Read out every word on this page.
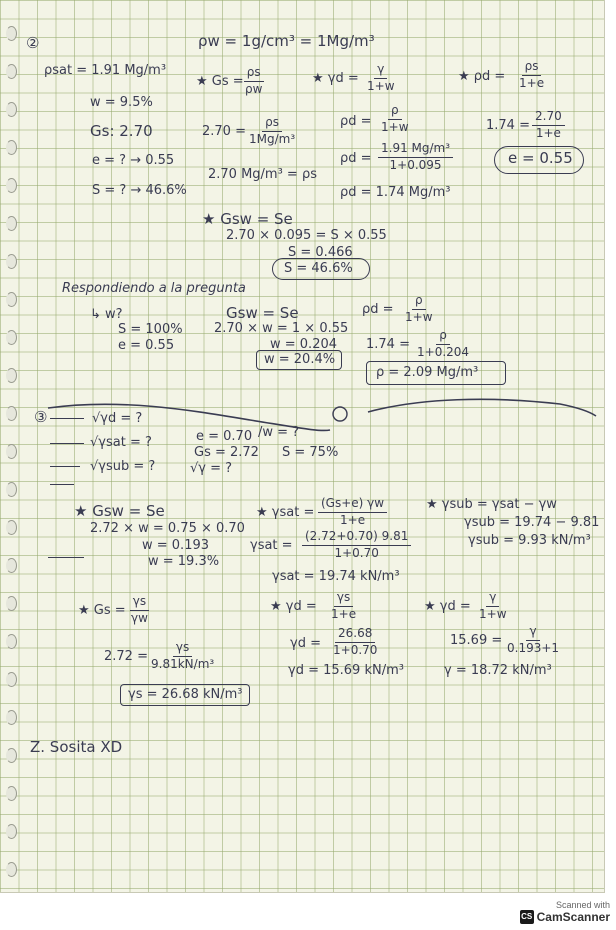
②	ρw = 1g/cm³ = 1Mg/m³
ρsat = 1.91 Mg/m³
w = 9.5%
Gs: 2.70
e = ? → 0.55
S = ? → 46.6%
★ Gs =
$\frac{\rho s}{\rho w}$
$2.70 = \frac{\rho s}{\text{1Mg/m³}}$
2.70 Mg/m³ = ρs
★ $\gamma d = \frac{\gamma}{1+w}$
$\rho d = \frac{\rho}{1+w}$
$\rho d = \frac{\text{1.91 Mg/m³}}{1+0.095}$
ρd = 1.74 Mg/m³
★ $\rho d = \frac{\rho s}{1+e}$
$1.74 = \frac{2.70}{1+e}$
e = 0.55
★ Gsw = Se
2.70 × 0.095 = S × 0.55
S = 0.466
S = 46.6%
Respondiendo a la pregunta
↳ w?
S = 100%
e = 0.55
Gsw = Se
2.70 × w = 1 × 0.55
w = 0.204
w = 20.4%
$\rho d = \frac{\rho}{1+w}$
$1.74 = \frac{\rho}{1+0.204}$
ρ = 2.09 Mg/m³
③	√γd = ?
√γsat = ?
√γsub = ?	√γ = ?
e = 0.70
Gs = 2.72
/w = ?
S = 75%
★ Gsw = Se
2.72 × w = 0.75 × 0.70
w = 0.193
w = 19.3%
★ $\gamma sat = \frac{(Gs+e) \gamma w}{1+e}$
$\gamma sat = \frac{(2.72+0.70) 9.81}{1+0.70}$
γsat = 19.74 kN/m³
★ γsub = γsat − γw
γsub = 19.74 − 9.81
γsub = 9.93 kN/m³
★ $Gs = \frac{\gamma s}{\gamma w}$
$2.72 = \frac{\gamma s}{\text{9.81kN/m³}}$
γs = 26.68 kN/m³
★ $\gamma d = \frac{\gamma s}{1+e}$
$\gamma d = \frac{26.68}{1+0.70}$
γd = 15.69 kN/m³
★ $\gamma d = \frac{\gamma}{1+w}$
$15.69 = \frac{\gamma}{0.193+1}$
γ = 18.72 kN/m³
Z. Sosita XD
Scanned with
CS CamScanner
